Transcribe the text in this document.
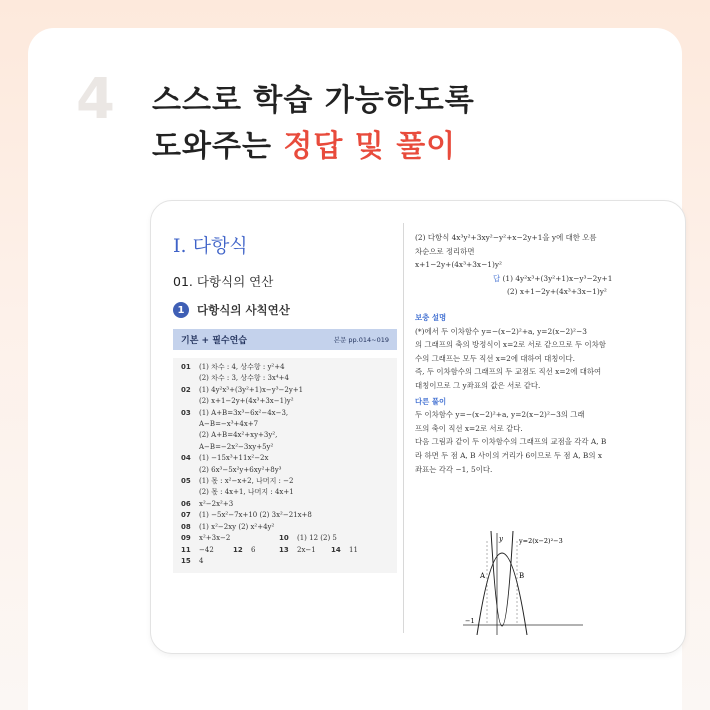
4 스스로 학습 가능하도록
도와주는 정답 및 풀이
I. 다항식
01. 다항식의 연산
1	다항식의 사칙연산
기본 + 필수연습	본문 pp.014~019
01	(1) 차수 : 4, 상수항 : y²+4
(2) 차수 : 3, 상수항 : 3x⁴+4
02	(1) 4y²x³+(3y²+1)x−y³−2y+1
(2) x+1−2y+(4x³+3x−1)y²
03	(1) A+B=3x³−6x²−4x−3,
A−B=−x³+4x+7
(2) A+B=4x²+xy+3y²,
A−B=−2x²−3xy+5y²
04	(1) −15x³+11x²−2x
(2) 6x³−5x²y+6xy²+8y³
05	(1) 몫 : x²−x+2, 나머지 : −2
(2) 몫 : 4x+1, 나머지 : 4x+1
06	x²−2x²+3
07	(1) −5x²−7x+10 (2) 3x²−21x+8
08	(1) x²−2xy (2) x²+4y²
09	x²+3x−2	10	(1) 12 (2) 5
11	−42	12	6	13	2x−1 14	11
15	4
(2) 다항식 4x³y²+3xy²−y²+x−2y+1을 y에 대한 오름
차순으로 정리하면
x+1−2y+(4x³+3x−1)y²
답 (1) 4y²x³+(3y²+1)x−y³−2y+1
(2) x+1−2y+(4x³+3x−1)y²
보충 설명
(*)에서 두 이차함수 y=−(x−2)²+a, y=2(x−2)²−3
의 그래프의 축의 방정식이 x=2로 서로 같으므로 두 이차함
수의 그래프는 모두 직선 x=2에 대하여 대칭이다.
즉, 두 이차함수의 그래프의 두 교점도 직선 x=2에 대하여
대칭이므로 그 y좌표의 값은 서로 같다.
다른 풀이
두 이차함수 y=−(x−2)²+a, y=2(x−2)²−3의 그래
프의 축이 직선 x=2로 서로 같다.
다음 그림과 같이 두 이차함수의 그래프의 교점을 각각 A, B
라 하면 두 점 A, B 사이의 거리가 6이므로 두 점 A, B의 x
좌표는 각각 −1, 5이다.
y y=2(x−2)²−3
A	B
−1
